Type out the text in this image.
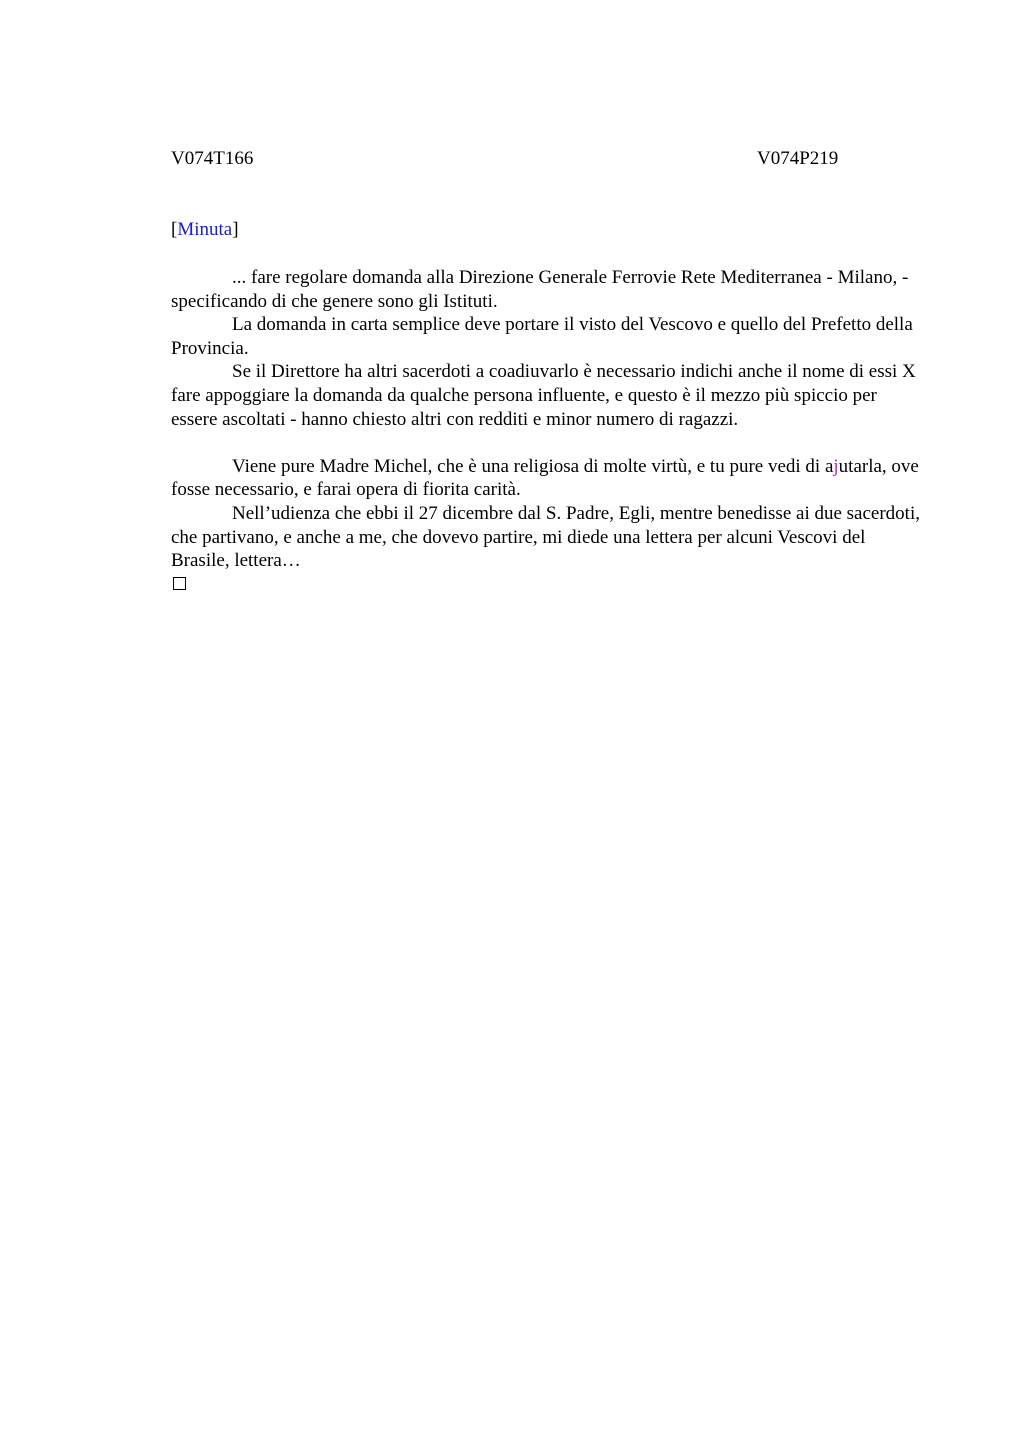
V074T166	V074P219
[Minuta]

... fare regolare domanda alla Direzione Generale Ferrovie Rete Mediterranea - Milano, - specificando di che genere sono gli Istituti.

La domanda in carta semplice deve portare il visto del Vescovo e quello del Prefetto della Provincia.

Se il Direttore ha altri sacerdoti a coadiuvarlo è necessario indichi anche il nome di essi X fare appoggiare la domanda da qualche persona influente, e questo è il mezzo più spiccio per essere ascoltati - hanno chiesto altri con redditi e minor numero di ragazzi.

Viene pure Madre Michel, che è una religiosa di molte virtù, e tu pure vedi di ajutarla, ove fosse necessario, e farai opera di fiorita carità.

Nell’udienza che ebbi il 27 dicembre dal S. Padre, Egli, mentre benedisse ai due sacerdoti, che partivano, e anche a me, che dovevo partire, mi diede una lettera per alcuni Vescovi del Brasile, lettera…
